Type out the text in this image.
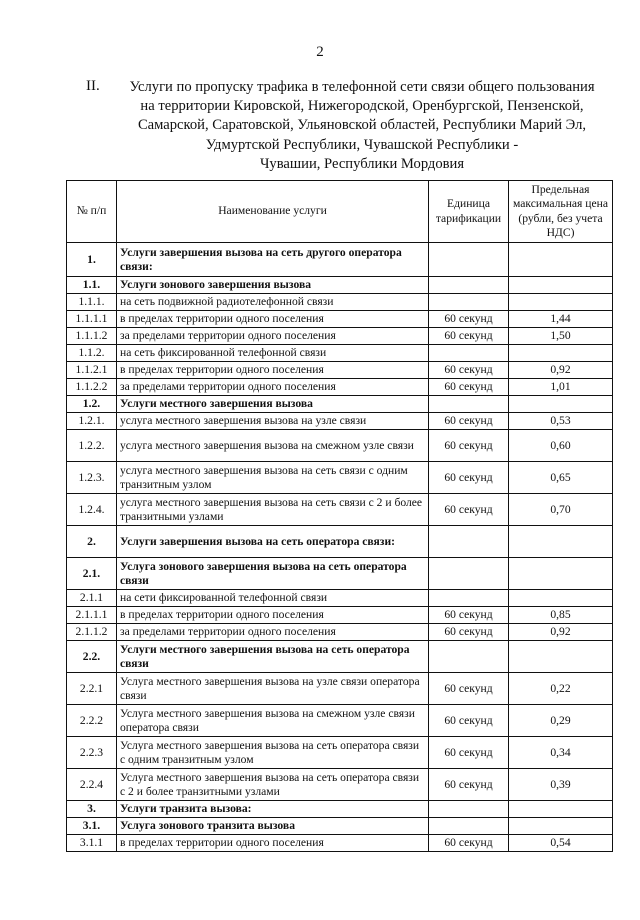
2
II.	Услуги по пропуску трафика в телефонной сети связи общего пользования
на территории Кировской, Нижегородской, Оренбургской, Пензенской,
Самарской, Саратовской, Ульяновской областей, Республики Марий Эл,
Удмуртской Республики, Чувашской Республики -
Чувашии, Республики Мордовия
№ п/п	Наименование услуги	Единица тарификации	Предельная максимальная цена (рубли, без учета НДС)
1.	Услуги завершения вызова на сеть другого оператора связи:		
1.1.	Услуги зонового завершения вызова		
1.1.1.	на сеть подвижной радиотелефонной связи		
1.1.1.1	в пределах территории одного поселения	60 секунд	1,44
1.1.1.2	за пределами территории одного поселения	60 секунд	1,50
1.1.2.	на сеть фиксированной телефонной связи		
1.1.2.1	в пределах территории одного поселения	60 секунд	0,92
1.1.2.2	за пределами территории одного поселения	60 секунд	1,01
1.2.	Услуги местного завершения вызова		
1.2.1.	услуга местного завершения вызова на узле связи	60 секунд	0,53
1.2.2.	услуга местного завершения вызова на смежном узле связи	60 секунд	0,60
1.2.3.	услуга местного завершения вызова на сеть связи с одним транзитным узлом	60 секунд	0,65
1.2.4.	услуга местного завершения вызова на сеть связи с 2 и более транзитными узлами	60 секунд	0,70
2.	Услуги завершения вызова на сеть оператора связи:		
2.1.	Услуга зонового завершения вызова на сеть оператора связи		
2.1.1	на сети фиксированной телефонной связи		
2.1.1.1	в пределах территории одного поселения	60 секунд	0,85
2.1.1.2	за пределами территории одного поселения	60 секунд	0,92
2.2.	Услуги местного завершения вызова на сеть оператора связи		
2.2.1	Услуга местного завершения вызова на узле связи оператора связи	60 секунд	0,22
2.2.2	Услуга местного завершения вызова на смежном узле связи оператора связи	60 секунд	0,29
2.2.3	Услуга местного завершения вызова на сеть оператора связи с одним транзитным узлом	60 секунд	0,34
2.2.4	Услуга местного завершения вызова на сеть оператора связи с 2 и более транзитными узлами	60 секунд	0,39
3.	Услуги транзита вызова:		
3.1.	Услуга зонового транзита вызова		
3.1.1	в пределах территории одного поселения	60 секунд	0,54
